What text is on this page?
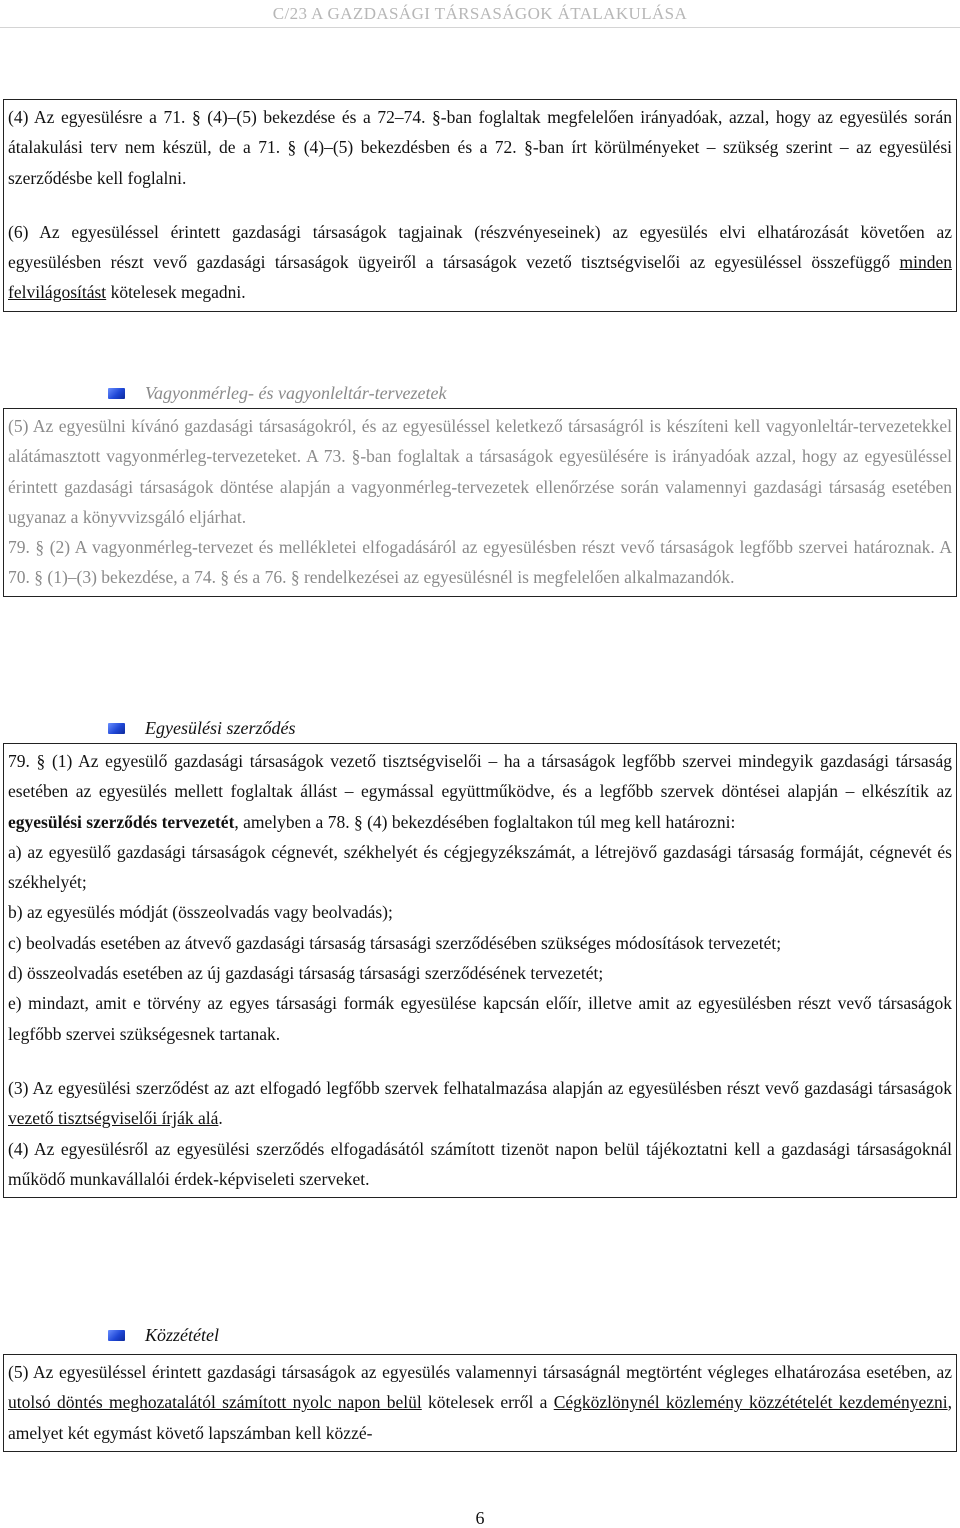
C/23 A GAZDASÁGI TÁRSASÁGOK ÁTALAKULÁSA

(4) Az egyesülésre a 71. § (4)–(5) bekezdése és a 72–74. §-ban foglaltak megfelelően irányadóak, azzal, hogy az egyesülés során átalakulási terv nem készül, de a 71. § (4)–(5) bekezdésben és a 72. §-ban írt körülményeket – szükség szerint – az egyesülési szerződésbe kell foglalni.

(6) Az egyesüléssel érintett gazdasági társaságok tagjainak (részvényeseinek) az egyesülés elvi elhatározását követően az egyesülésben részt vevő gazdasági társaságok ügyeiről a társaságok vezető tisztségviselői az egyesüléssel összefüggő minden felvilágosítást kötelesek megadni.

Vagyonmérleg- és vagyonleltár-tervezetek

(5) Az egyesülni kívánó gazdasági társaságokról, és az egyesüléssel keletkező társaságról is készíteni kell vagyonleltár-tervezetekkel alátámasztott vagyonmérleg-tervezeteket. A 73. §-ban foglaltak a társaságok egyesülésére is irányadóak azzal, hogy az egyesüléssel érintett gazdasági társaságok döntése alapján a vagyonmérleg-tervezetek ellenőrzése során valamennyi gazdasági társaság esetében ugyanaz a könyvvizsgáló eljárhat.

79. § (2) A vagyonmérleg-tervezet és mellékletei elfogadásáról az egyesülésben részt vevő társaságok legfőbb szervei határoznak. A 70. § (1)–(3) bekezdése, a 74. § és a 76. § rendelkezései az egyesülésnél is megfelelően alkalmazandók.

Egyesülési szerződés

79. § (1) Az egyesülő gazdasági társaságok vezető tisztségviselői – ha a társaságok legfőbb szervei mindegyik gazdasági társaság esetében az egyesülés mellett foglaltak állást – egymással együttműködve, és a legfőbb szervek döntései alapján – elkészítik az egyesülési szerződés tervezetét, amelyben a 78. § (4) bekezdésében foglaltakon túl meg kell határozni:

a) az egyesülő gazdasági társaságok cégnevét, székhelyét és cégjegyzékszámát, a létrejövő gazdasági társaság formáját, cégnevét és székhelyét;

b) az egyesülés módját (összeolvadás vagy beolvadás);

c) beolvadás esetében az átvevő gazdasági társaság társasági szerződésében szükséges módosítások tervezetét;

d) összeolvadás esetében az új gazdasági társaság társasági szerződésének tervezetét;

e) mindazt, amit e törvény az egyes társasági formák egyesülése kapcsán előír, illetve amit az egyesülésben részt vevő társaságok legfőbb szervei szükségesnek tartanak.

(3) Az egyesülési szerződést az azt elfogadó legfőbb szervek felhatalmazása alapján az egyesülésben részt vevő gazdasági társaságok vezető tisztségviselői írják alá.

(4) Az egyesülésről az egyesülési szerződés elfogadásától számított tizenöt napon belül tájékoztatni kell a gazdasági társaságoknál működő munkavállalói érdek-képviseleti szerveket.

Közzététel

(5) Az egyesüléssel érintett gazdasági társaságok az egyesülés valamennyi társaságnál megtörtént végleges elhatározása esetében, az utolsó döntés meghozatalától számított nyolc napon belül kötelesek erről a Cégközlönynél közlemény közzétételét kezdeményezni, amelyet két egymást követő lapszámban kell közzé-

6
